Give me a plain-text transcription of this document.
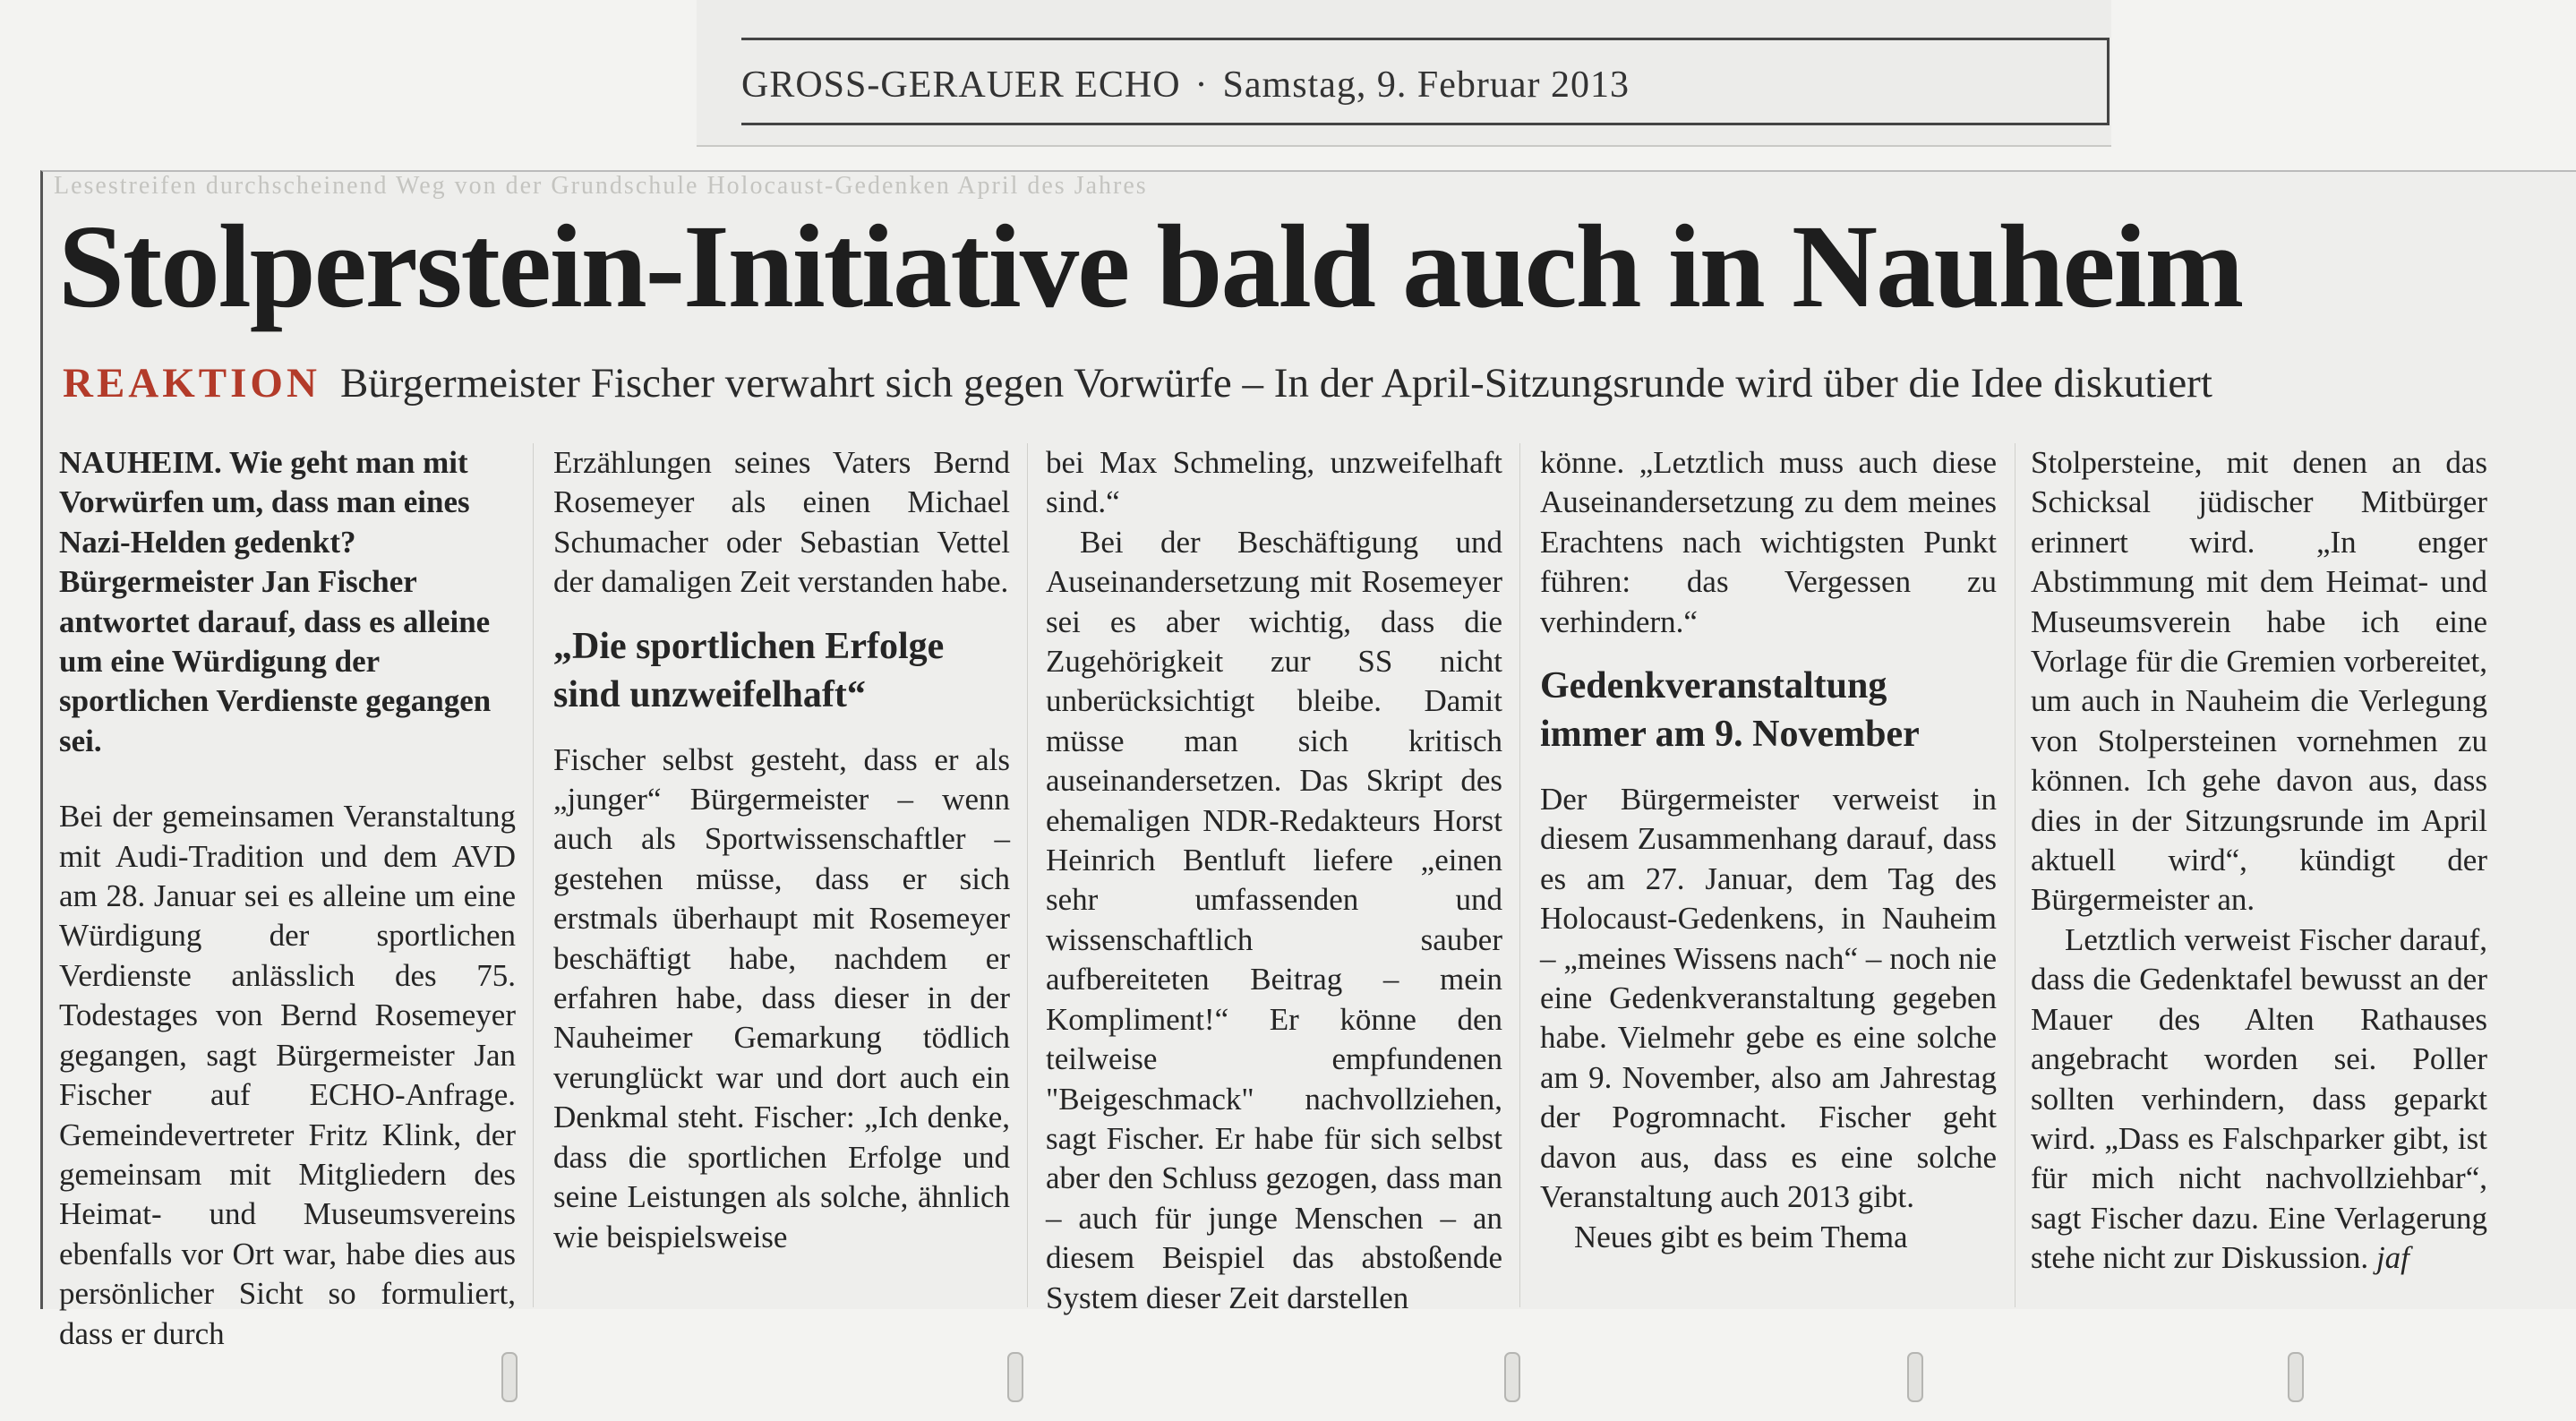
GROSS-GERAUER ECHO · Samstag, 9. Februar 2013
Lesestreifen durchscheinend Weg von der Grundschule Holocaust-Gedenken April des Jahres
Stolperstein-Initiative bald auch in Nauheim
REAKTION Bürgermeister Fischer verwahrt sich gegen Vorwürfe – In der April-Sitzungsrunde wird über die Idee diskutiert

NAUHEIM. Wie geht man mit Vorwürfen um, dass man eines Nazi-Helden gedenkt? Bürgermeister Jan Fischer antwortet darauf, dass es alleine um eine Würdigung der sportlichen Verdienste gegangen sei.

Bei der gemeinsamen Veranstaltung mit Audi-Tradition und dem AVD am 28. Januar sei es alleine um eine Würdigung der sportlichen Verdienste anlässlich des 75. Todestages von Bernd Rosemeyer gegangen, sagt Bürgermeister Jan Fischer auf ECHO-Anfrage. Gemeindevertreter Fritz Klink, der gemeinsam mit Mitgliedern des Heimat- und Museumsvereins ebenfalls vor Ort war, habe dies aus persönlicher Sicht so formuliert, dass er durch

Erzählungen seines Vaters Bernd Rosemeyer als einen Michael Schumacher oder Sebastian Vettel der damaligen Zeit verstanden habe.

„Die sportlichen Erfolge sind unzweifelhaft“

Fischer selbst gesteht, dass er als „junger“ Bürgermeister – wenn auch als Sportwissenschaftler – gestehen müsse, dass er sich erstmals überhaupt mit Rosemeyer beschäftigt habe, nachdem er erfahren habe, dass dieser in der Nauheimer Gemarkung tödlich verunglückt war und dort auch ein Denkmal steht. Fischer: „Ich denke, dass die sportlichen Erfolge und seine Leistungen als solche, ähnlich wie beispielsweise

bei Max Schmeling, unzweifelhaft sind.“

Bei der Beschäftigung und Auseinandersetzung mit Rosemeyer sei es aber wichtig, dass die Zugehörigkeit zur SS nicht unberücksichtigt bleibe. Damit müsse man sich kritisch auseinandersetzen. Das Skript des ehemaligen NDR-Redakteurs Horst Heinrich Bentluft liefere „einen sehr umfassenden und wissenschaftlich sauber aufbereiteten Beitrag – mein Kompliment!“ Er könne den teilweise empfundenen "Beigeschmack" nachvollziehen, sagt Fischer. Er habe für sich selbst aber den Schluss gezogen, dass man – auch für junge Menschen – an diesem Beispiel das abstoßende System dieser Zeit darstellen

könne. „Letztlich muss auch diese Auseinandersetzung zu dem meines Erachtens nach wichtigsten Punkt führen: das Vergessen zu verhindern.“

Gedenkveranstaltung immer am 9. November

Der Bürgermeister verweist in diesem Zusammenhang darauf, dass es am 27. Januar, dem Tag des Holocaust-Gedenkens, in Nauheim – „meines Wissens nach“ – noch nie eine Gedenkveranstaltung gegeben habe. Vielmehr gebe es eine solche am 9. November, also am Jahrestag der Pogromnacht. Fischer geht davon aus, dass es eine solche Veranstaltung auch 2013 gibt.

Neues gibt es beim Thema

Stolpersteine, mit denen an das Schicksal jüdischer Mitbürger erinnert wird. „In enger Abstimmung mit dem Heimat- und Museumsverein habe ich eine Vorlage für die Gremien vorbereitet, um auch in Nauheim die Verlegung von Stolpersteinen vornehmen zu können. Ich gehe davon aus, dass dies in der Sitzungsrunde im April aktuell wird“, kündigt der Bürgermeister an.

Letztlich verweist Fischer darauf, dass die Gedenktafel bewusst an der Mauer des Alten Rathauses angebracht worden sei. Poller sollten verhindern, dass geparkt wird. „Dass es Falschparker gibt, ist für mich nicht nachvollziehbar“, sagt Fischer dazu. Eine Verlagerung stehe nicht zur Diskussion. jaf
